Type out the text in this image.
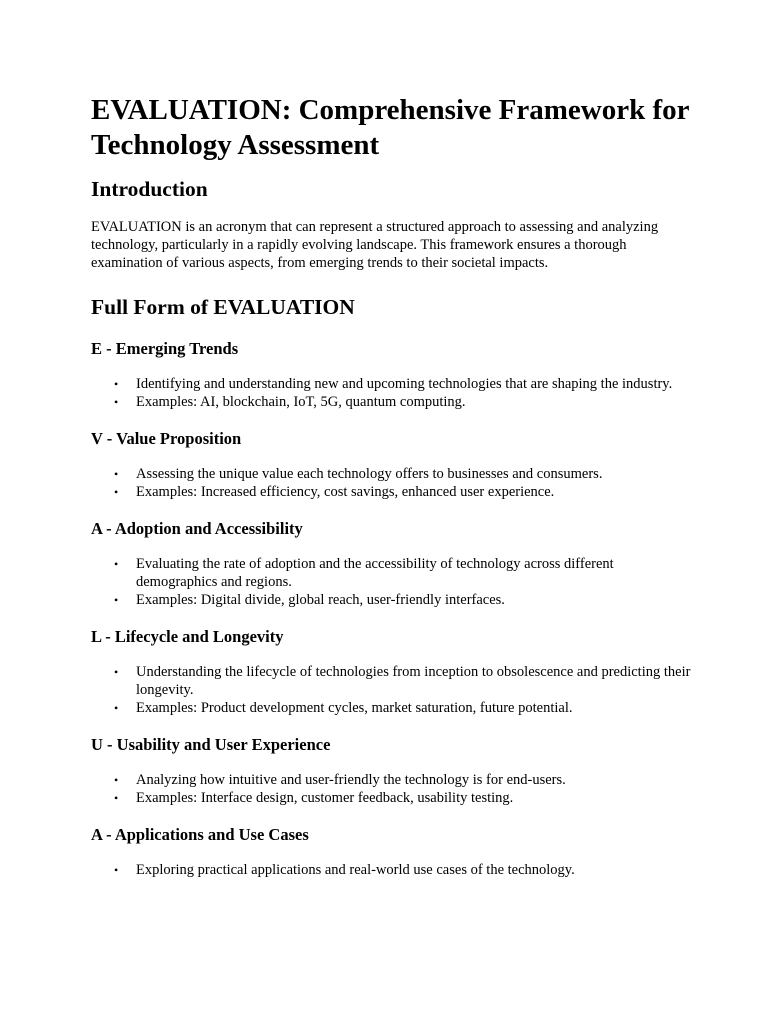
EVALUATION: Comprehensive Framework for Technology Assessment
Introduction

EVALUATION is an acronym that can represent a structured approach to assessing and analyzing technology, particularly in a rapidly evolving landscape. This framework ensures a thorough examination of various aspects, from emerging trends to their societal impacts.

Full Form of EVALUATION
E - Emerging Trends
• Identifying and understanding new and upcoming technologies that are shaping the industry.
• Examples: AI, blockchain, IoT, 5G, quantum computing.
V - Value Proposition
• Assessing the unique value each technology offers to businesses and consumers.
• Examples: Increased efficiency, cost savings, enhanced user experience.
A - Adoption and Accessibility
• Evaluating the rate of adoption and the accessibility of technology across different demographics and regions.
• Examples: Digital divide, global reach, user-friendly interfaces.
L - Lifecycle and Longevity
• Understanding the lifecycle of technologies from inception to obsolescence and predicting their longevity.
• Examples: Product development cycles, market saturation, future potential.
U - Usability and User Experience
• Analyzing how intuitive and user-friendly the technology is for end-users.
• Examples: Interface design, customer feedback, usability testing.
A - Applications and Use Cases
• Exploring practical applications and real-world use cases of the technology.
